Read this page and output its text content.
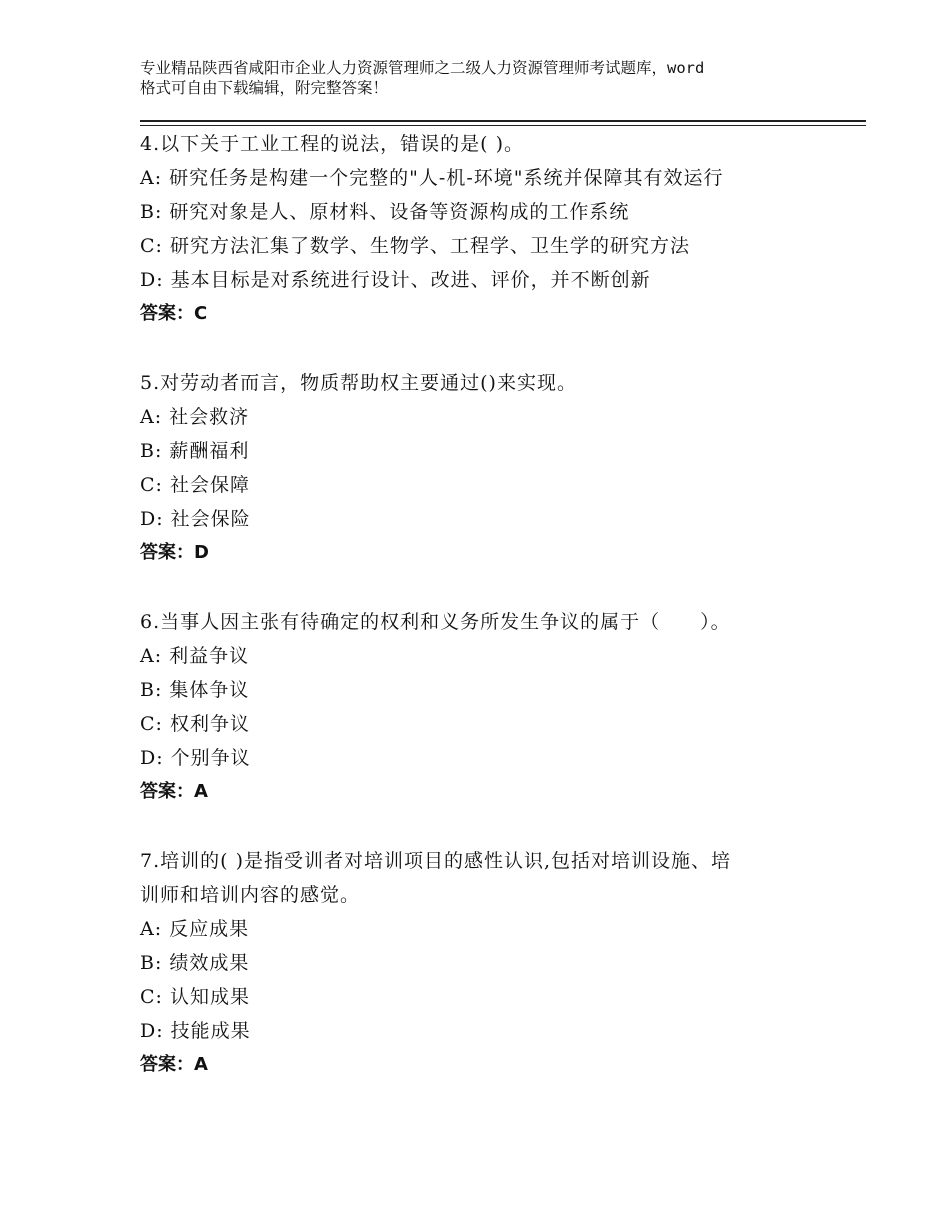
专业精品陕西省咸阳市企业人力资源管理师之二级人力资源管理师考试题库，word
格式可自由下载编辑，附完整答案！
4.以下关于工业工程的说法，错误的是( )。
A: 研究任务是构建一个完整的"人-机-环境"系统并保障其有效运行
B: 研究对象是人、原材料、设备等资源构成的工作系统
C: 研究方法汇集了数学、生物学、工程学、卫生学的研究方法
D: 基本目标是对系统进行设计、改进、评价，并不断创新
答案：C
5.对劳动者而言，物质帮助权主要通过()来实现。
A: 社会救济
B: 薪酬福利
C: 社会保障
D: 社会保险
答案：D
6.当事人因主张有待确定的权利和义务所发生争议的属于（　　）。
A: 利益争议
B: 集体争议
C: 权利争议
D: 个别争议
答案：A
7.培训的( )是指受训者对培训项目的感性认识,包括对培训设施、培
训师和培训内容的感觉。
A: 反应成果
B: 绩效成果
C: 认知成果
D: 技能成果
答案：A
